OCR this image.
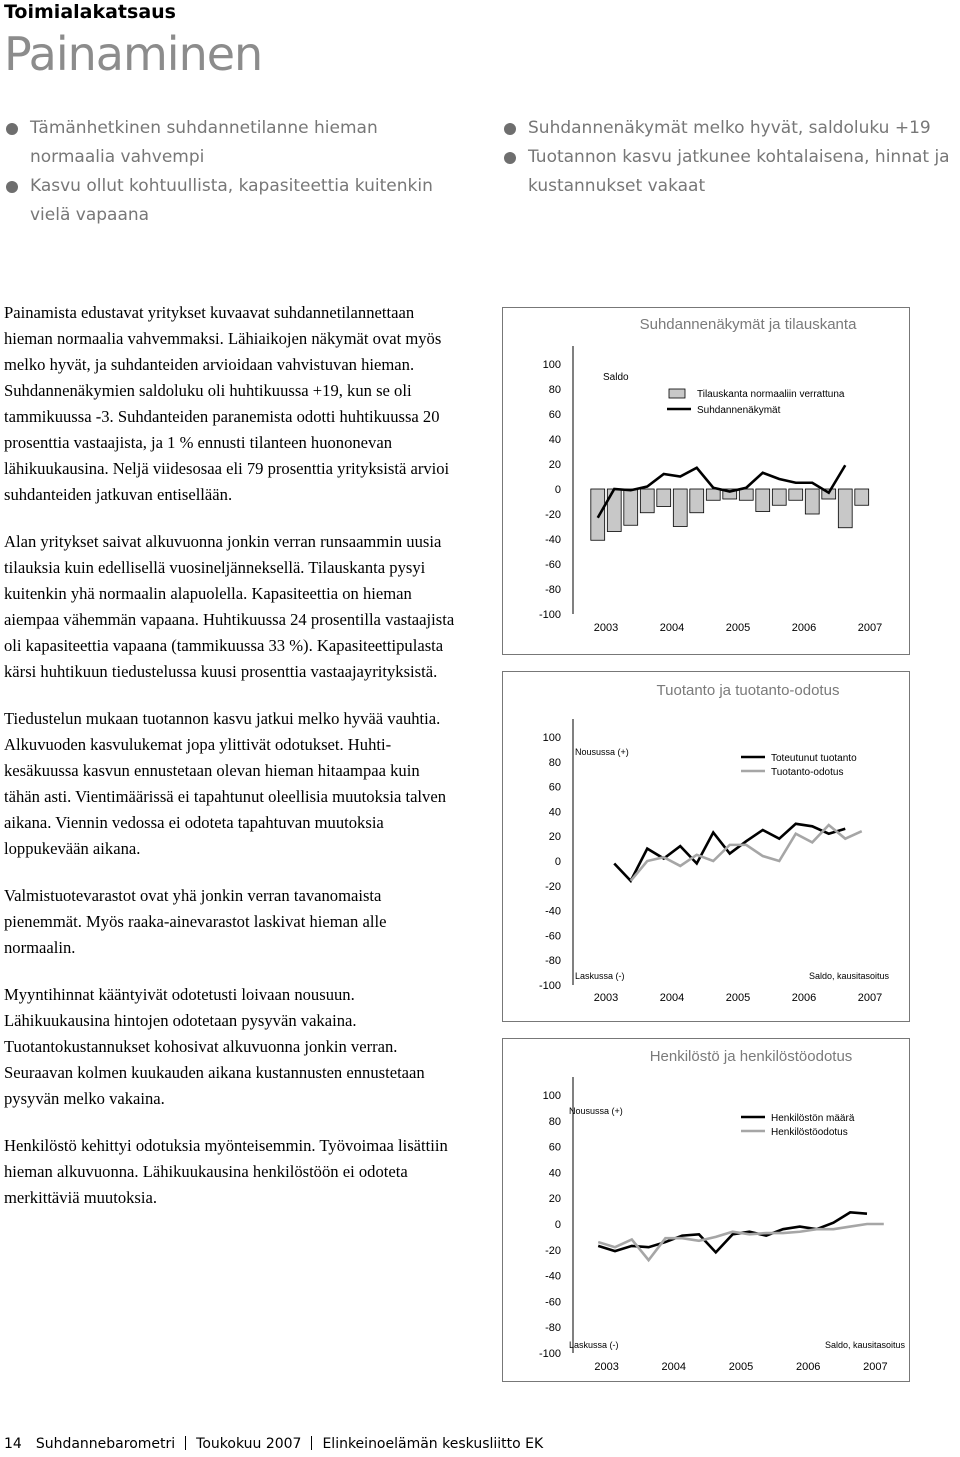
Toimialakatsaus
Painaminen
Tämänhetkinen suhdannetilanne hieman normaalia vahvempi
Kasvu ollut kohtuullista, kapasiteettia kuitenkin vielä vapaana
Suhdannenäkymät melko hyvät, saldoluku +19
Tuotannon kasvu jatkunee kohtalaisena, hinnat ja kustannukset vakaat

Painamista edustavat yritykset kuvaavat suhdannetilannettaan hieman normaalia vahvemmaksi. Lähiaikojen näkymät ovat myös melko hyvät, ja suhdanteiden arvioidaan vahvistuvan hieman. Suhdannenäkymien saldoluku oli huhtikuussa +19, kun se oli tammikuussa -3. Suhdanteiden paranemista odotti huhtikuussa 20 prosenttia vastaajista, ja 1 % ennusti tilanteen huononevan lähikuukausina. Neljä viidesosaa eli 79 prosenttia yrityksistä arvioi suhdanteiden jatkuvan entisellään.

Alan yritykset saivat alkuvuonna jonkin verran runsaammin uusia tilauksia kuin edellisellä vuosineljänneksellä. Tilauskanta pysyi kuitenkin yhä normaalin alapuolella. Kapasiteettia on hieman aiempaa vähemmän vapaana. Huhtikuussa 24 prosentilla vastaajista oli kapasiteettia vapaana (tammikuussa 33 %). Kapasiteettipulasta kärsi huhtikuun tiedustelussa kuusi prosenttia vastaajayrityksistä.

Tiedustelun mukaan tuotannon kasvu jatkui melko hyvää vauhtia. Alkuvuoden kasvulukemat jopa ylittivät odotukset. Huhti-kesäkuussa kasvun ennustetaan olevan hieman hitaampaa kuin tähän asti. Vientimäärissä ei tapahtunut oleellisia muutoksia talven aikana. Viennin vedossa ei odoteta tapahtuvan muutoksia loppukevään aikana.

Valmistuotevarastot ovat yhä jonkin verran tavanomaista pienemmät. Myös raaka-ainevarastot laskivat hieman alle normaalin.

Myyntihinnat kääntyivät odotetusti loivaan nousuun. Lähikuukausina hintojen odotetaan pysyvän vakaina. Tuotantokustannukset kohosivat alkuvuonna jonkin verran. Seuraavan kolmen kuukauden aikana kustannusten ennustetaan pysyvän melko vakaina.

Henkilöstö kehittyi odotuksia myönteisemmin. Työvoimaa lisättiin hieman alkuvuonna. Lähikuukausina henkilöstöön ei odoteta merkittäviä muutoksia.

Suhdannenäkymät ja tilauskanta
100
80
60
40
20
0
-20
-40
-60
-80
-100
2003	2004	2005	2006	2007
Saldo
Tilauskanta normaaliin verrattuna
Suhdannenäkymät
Tuotanto ja tuotanto-odotus
100
80
60
40
20
0
-20
-40
-60
-80
-100
2003	2004	2005	2006	2007
Nousussa (+)
Laskussa (-)	Saldo, kausitasoitus
Toteutunut tuotanto
Tuotanto-odotus
Henkilöstö ja henkilöstöodotus
100
80
60
40
20
0
-20
-40
-60
-80
-100
2003	2004	2005	2006	2007
Nousussa (+)
Laskussa (-)	Saldo, kausitasoitus
Henkilöstön määrä
Henkilöstöodotus
14 Suhdannebarometri Toukokuu 2007 Elinkeinoelämän keskusliitto EK
